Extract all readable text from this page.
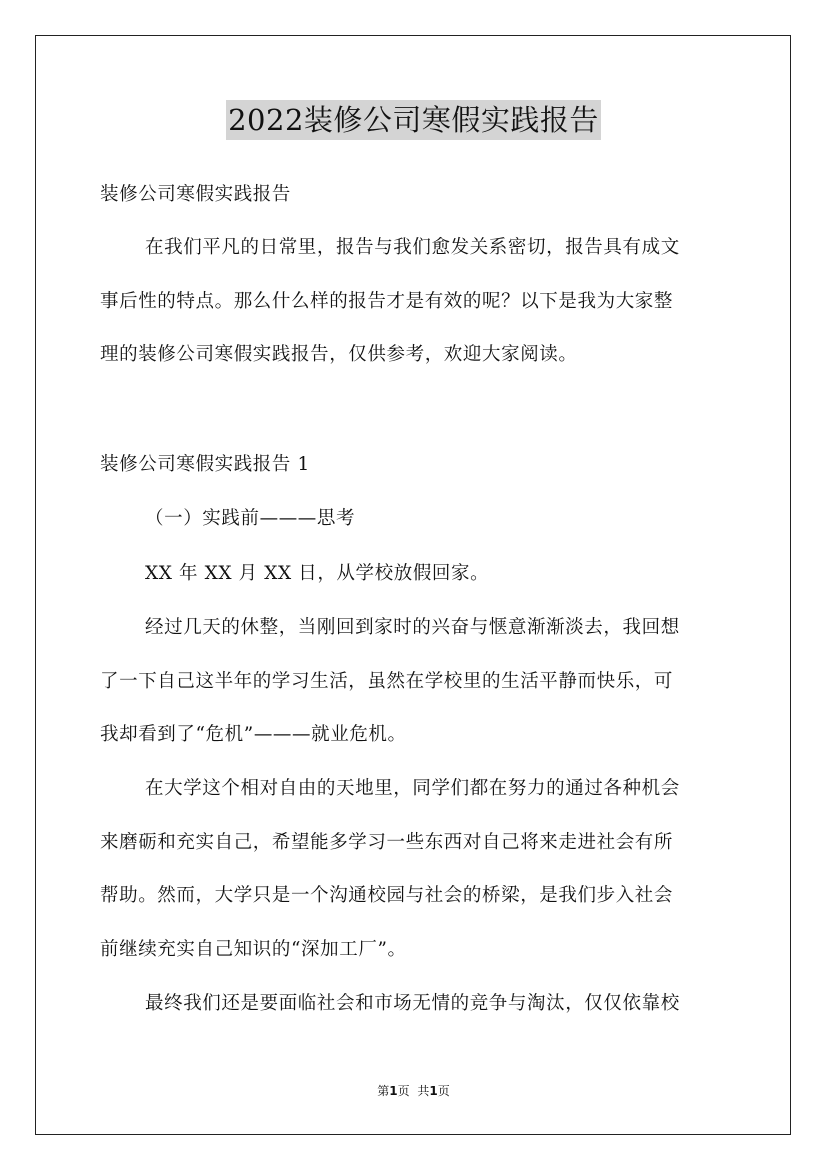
2022装修公司寒假实践报告
装修公司寒假实践报告
在我们平凡的日常里，报告与我们愈发关系密切，报告具有成文
事后性的特点。那么什么样的报告才是有效的呢？以下是我为大家整
理的装修公司寒假实践报告，仅供参考，欢迎大家阅读。
装修公司寒假实践报告 1
（一）实践前———思考
XX 年 XX 月 XX 日，从学校放假回家。
经过几天的休整，当刚回到家时的兴奋与惬意渐渐淡去，我回想
了一下自己这半年的学习生活，虽然在学校里的生活平静而快乐，可
我却看到了“危机”———就业危机。
在大学这个相对自由的天地里，同学们都在努力的通过各种机会
来磨砺和充实自己，希望能多学习一些东西对自己将来走进社会有所
帮助。然而，大学只是一个沟通校园与社会的桥梁，是我们步入社会
前继续充实自己知识的“深加工厂”。
最终我们还是要面临社会和市场无情的竞争与淘汰，仅仅依靠校
第1页 共1页
